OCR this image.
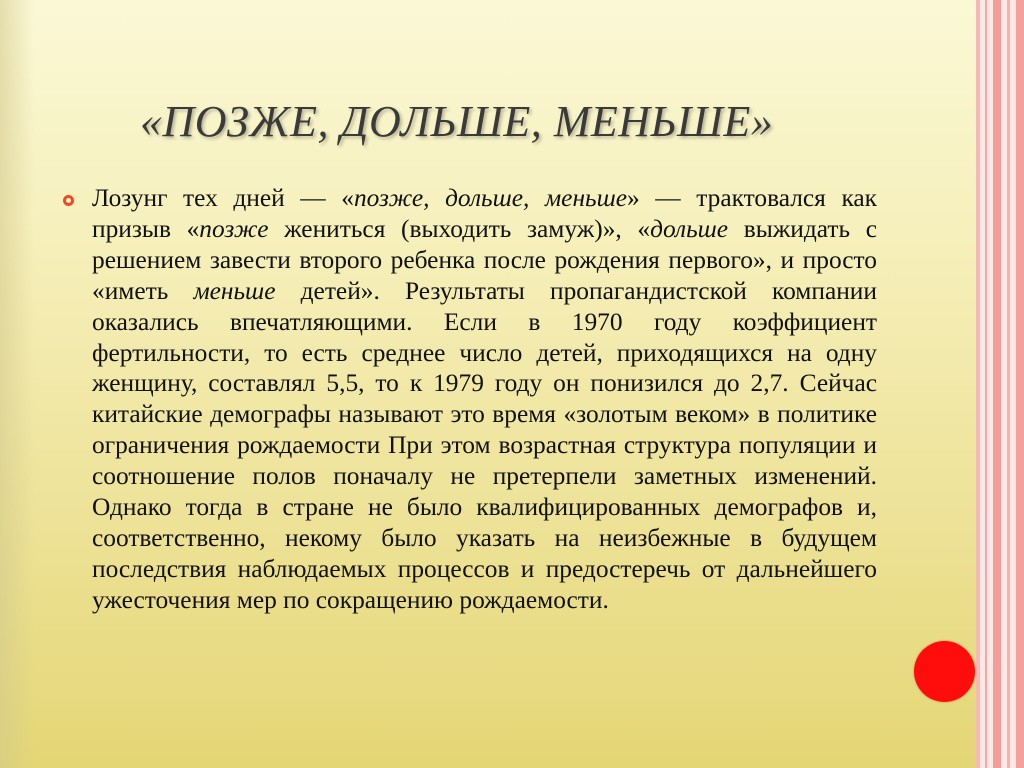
«ПОЗЖЕ, ДОЛЬШЕ, МЕНЬШЕ»

Лозунг тех дней — «позже, дольше, меньше» — трактовался как призыв «позже жениться (выходить замуж)», «дольше выжидать с решением завести второго ребенка после рождения первого», и просто «иметь меньше детей». Результаты пропагандистской компании оказались впечатляющими. Если в 1970 году коэффициент фертильности, то есть среднее число детей, приходящихся на одну женщину, составлял 5,5, то к 1979 году он понизился до 2,7. Сейчас китайские демографы называют это время «золотым веком» в политике ограничения рождаемости При этом возрастная структура популяции и соотношение полов поначалу не претерпели заметных изменений. Однако тогда в стране не было квалифицированных демографов и, соответственно, некому было указать на неизбежные в будущем последствия наблюдаемых процессов и предостеречь от дальнейшего ужесточения мер по сокращению рождаемости.
